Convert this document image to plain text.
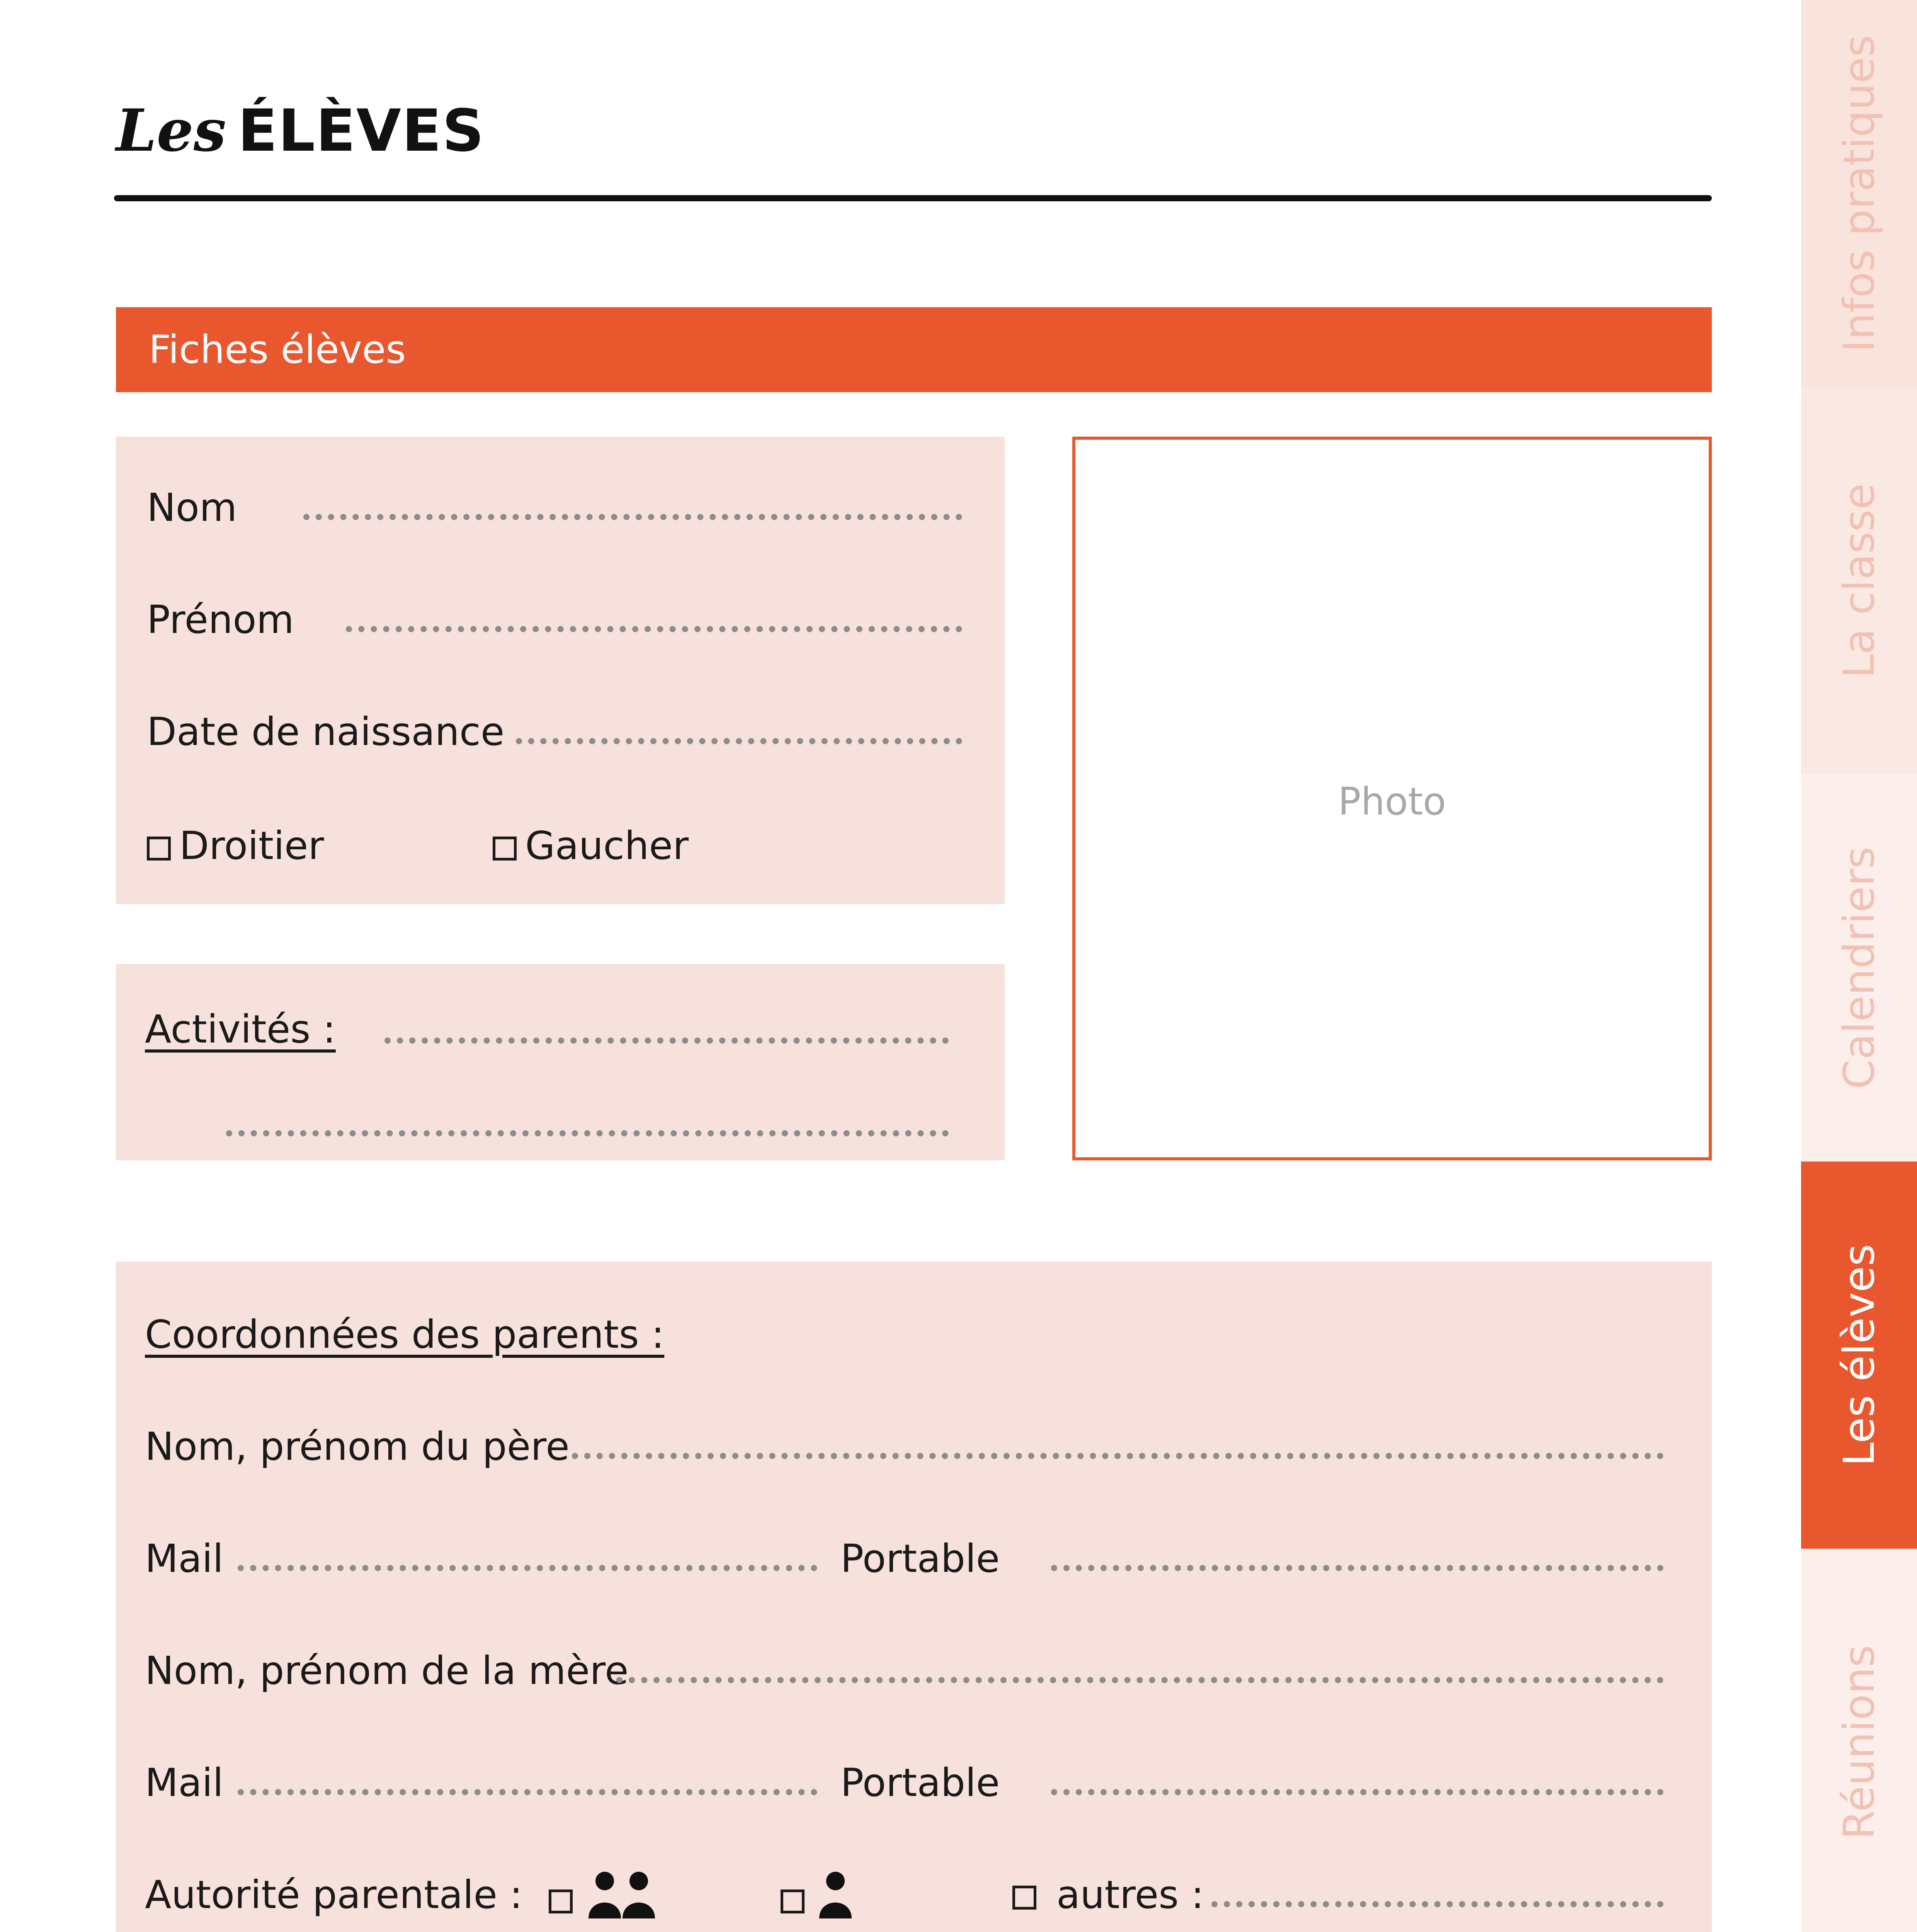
Les ÉLÈVES
Fiches élèves
Nom
Prénom
Date de naissance
Droitier	Gaucher
Activités :
Photo
Coordonnées des parents :
Nom, prénom du père
Mail	Portable
Nom, prénom de la mère
Mail	Portable
Autorité parentale :	autres :

Infos pratiques
La classe
Calendriers
Les élèves
Réunions
